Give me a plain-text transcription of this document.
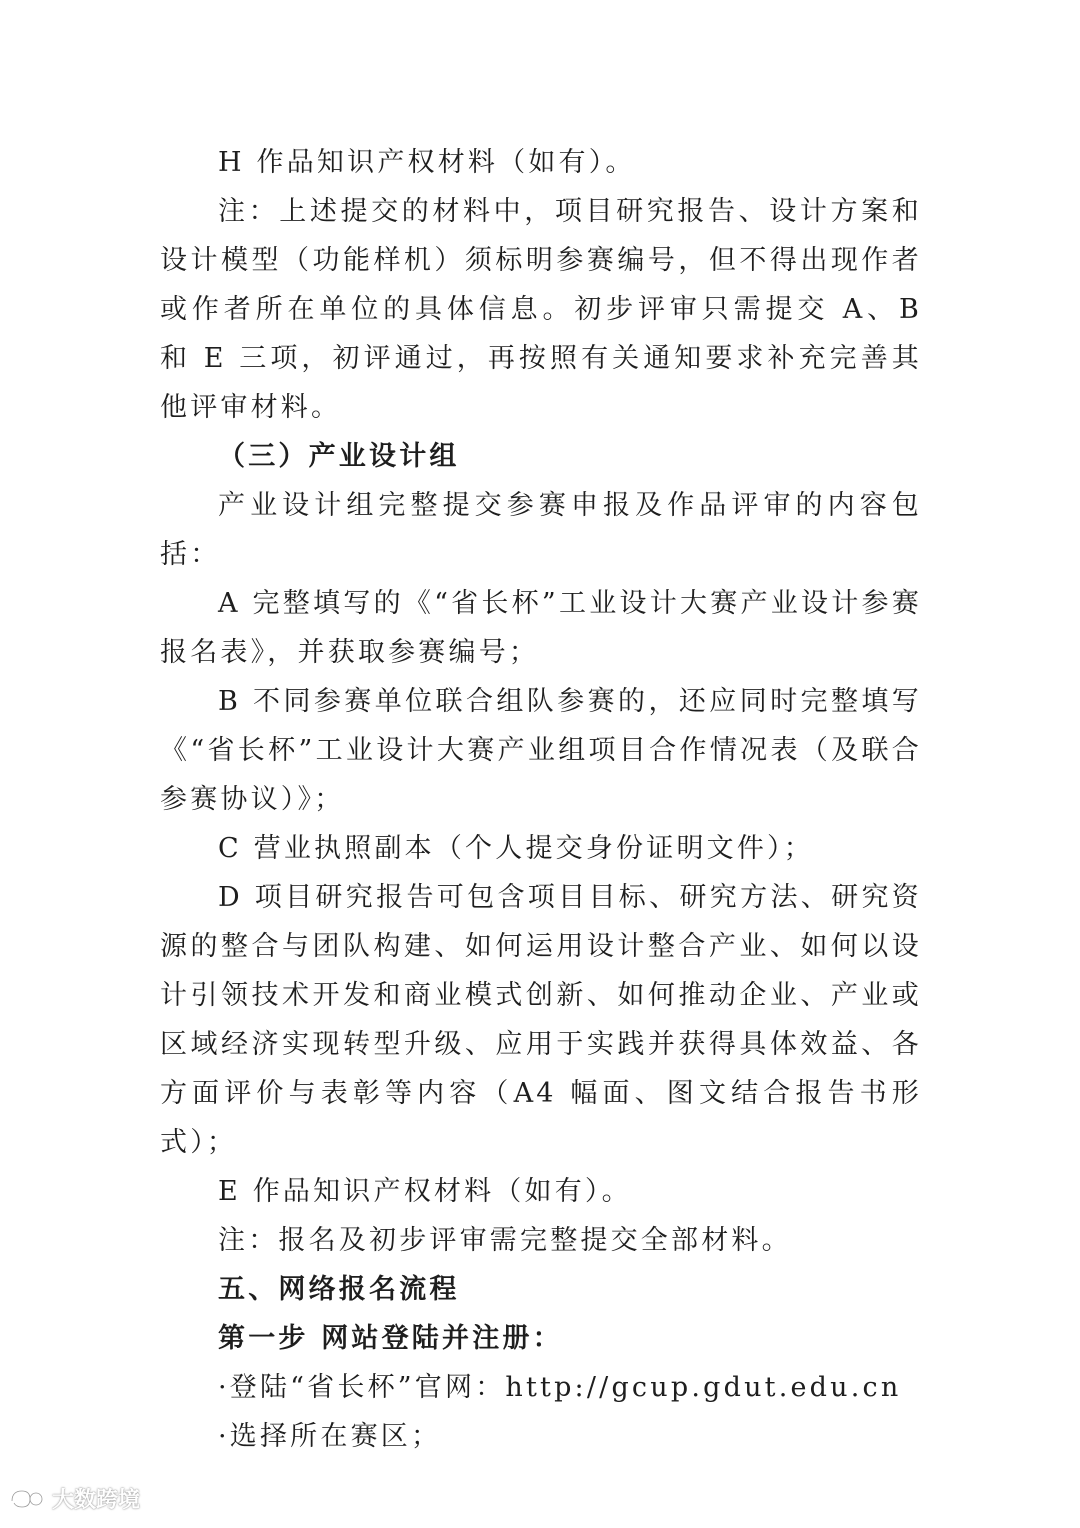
H 作品知识产权材料（如有）。

注：上述提交的材料中，项目研究报告、设计方案和设计模型（功能样机）须标明参赛编号，但不得出现作者或作者所在单位的具体信息。初步评审只需提交 A、B 和 E 三项，初评通过，再按照有关通知要求补充完善其他评审材料。

（三）产业设计组

产业设计组完整提交参赛申报及作品评审的内容包括：

A 完整填写的《“省长杯”工业设计大赛产业设计参赛报名表》，并获取参赛编号；

B 不同参赛单位联合组队参赛的，还应同时完整填写《“省长杯”工业设计大赛产业组项目合作情况表（及联合参赛协议）》；

C 营业执照副本（个人提交身份证明文件）；

D 项目研究报告可包含项目目标、研究方法、研究资源的整合与团队构建、如何运用设计整合产业、如何以设计引领技术开发和商业模式创新、如何推动企业、产业或区域经济实现转型升级、应用于实践并获得具体效益、各方面评价与表彰等内容（A4 幅面、图文结合报告书形式）；

E 作品知识产权材料（如有）。

注：报名及初步评审需完整提交全部材料。

五、网络报名流程

第一步 网站登陆并注册：

·登陆“省长杯”官网：http://gcup.gdut.edu.cn

·选择所在赛区；

大数跨境
